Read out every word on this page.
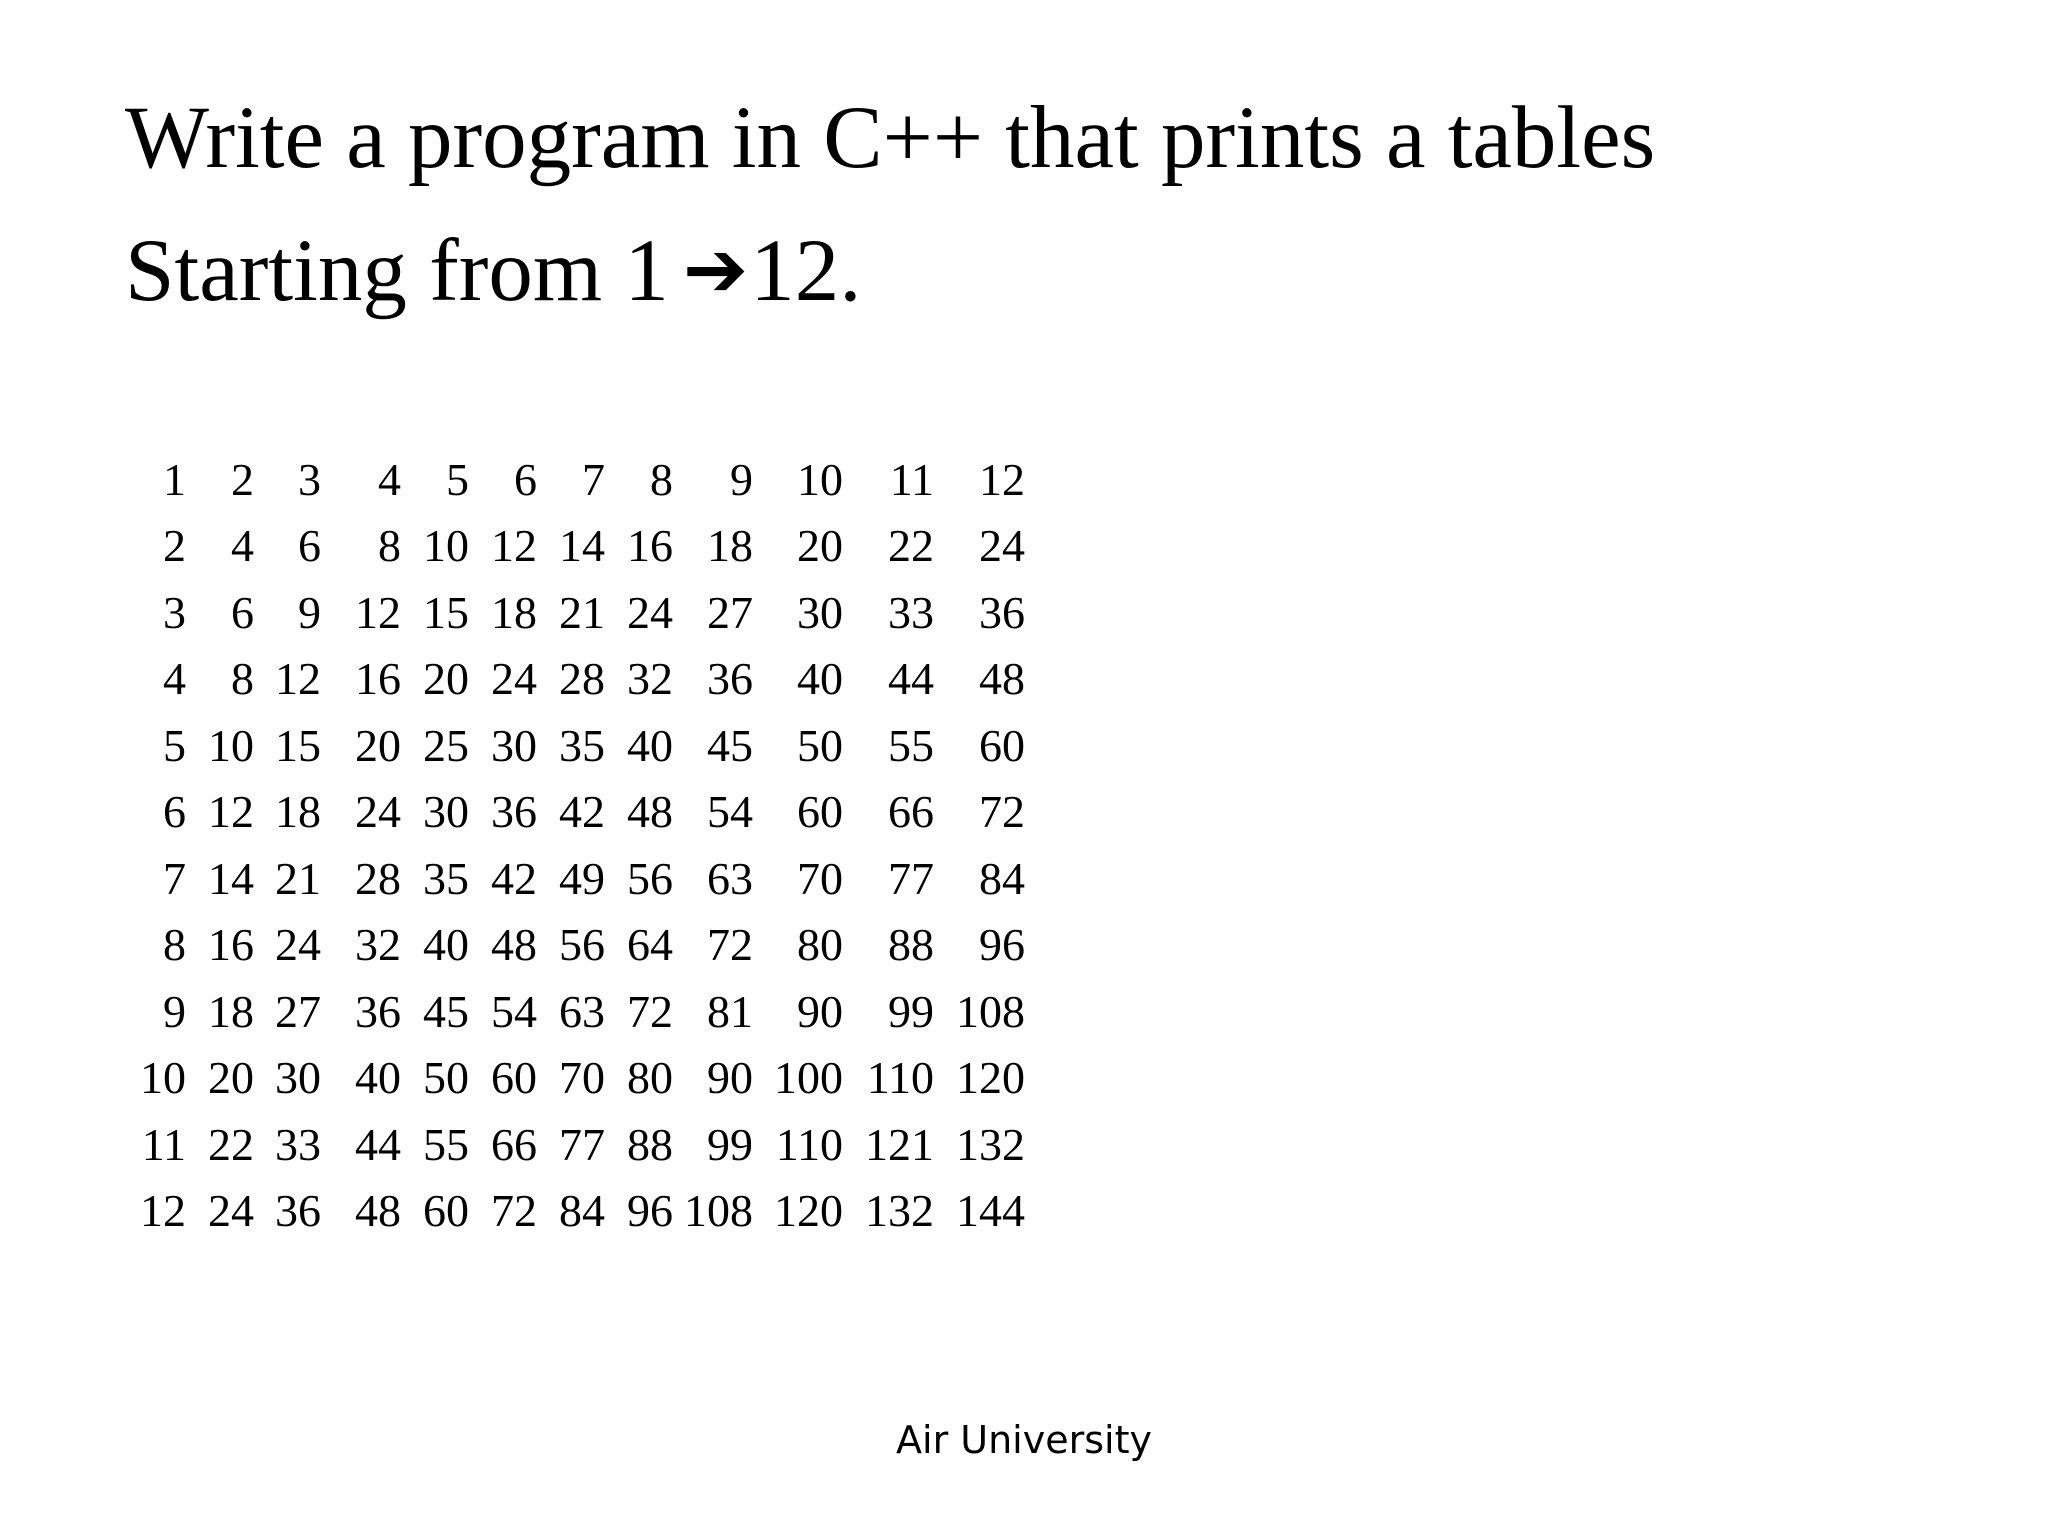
Write a program in C++ that prints a tables
Starting from 1 ➔12.
1	2	3	4	5	6	7	8	9	10	11	12
2	4	6	8	10	12	14	16	18	20	22	24
3	6	9	12	15	18	21	24	27	30	33	36
4	8	12	16	20	24	28	32	36	40	44	48
5	10	15	20	25	30	35	40	45	50	55	60
6	12	18	24	30	36	42	48	54	60	66	72
7	14	21	28	35	42	49	56	63	70	77	84
8	16	24	32	40	48	56	64	72	80	88	96
9	18	27	36	45	54	63	72	81	90	99	108
10	20	30	40	50	60	70	80	90	100	110	120
11	22	33	44	55	66	77	88	99	110	121	132
12	24	36	48	60	72	84	96	108	120	132	144
Air University
